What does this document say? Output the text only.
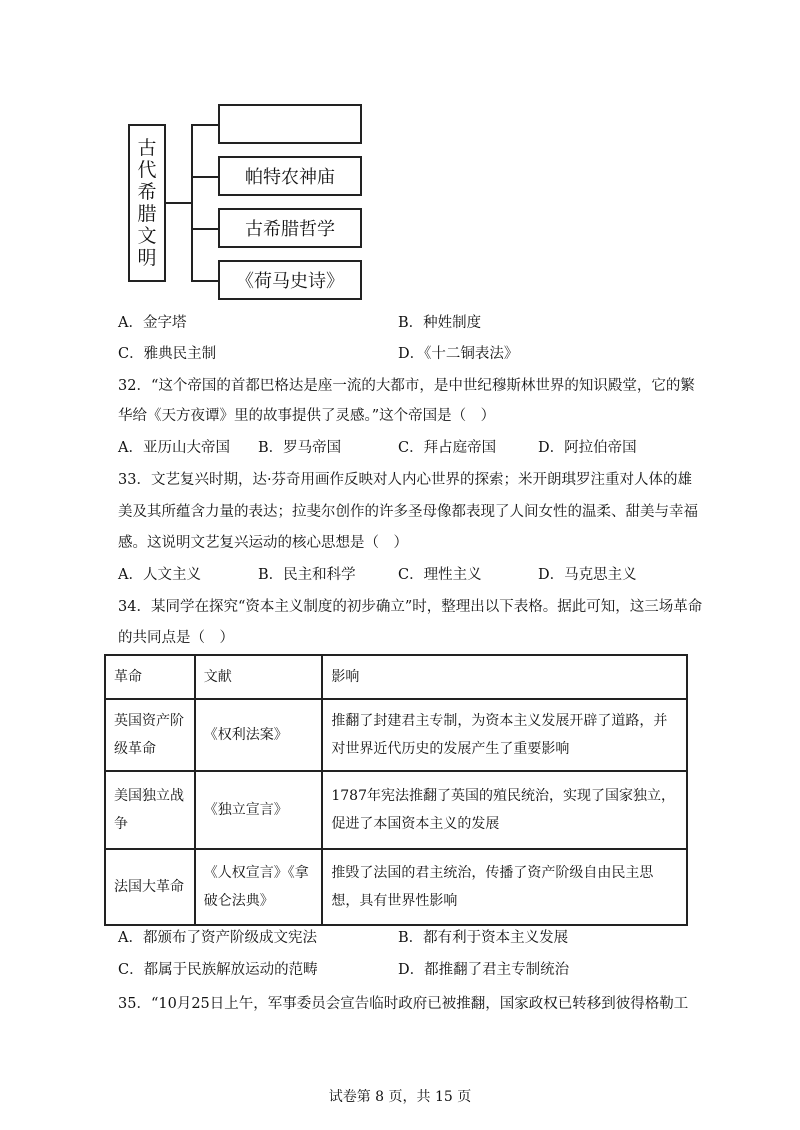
古
代
希
腊
文
明
帕特农神庙
古希腊哲学
《荷马史诗》
A．金字塔	B．种姓制度
C．雅典民主制	D．《十二铜表法》
32．“这个帝国的首都巴格达是座一流的大都市，是中世纪穆斯林世界的知识殿堂，它的繁
华给《天方夜谭》里的故事提供了灵感。”这个帝国是（　）
A．亚历山大帝国 B．罗马帝国	C．拜占庭帝国	D．阿拉伯帝国
33．文艺复兴时期，达·芬奇用画作反映对人内心世界的探索；米开朗琪罗注重对人体的雄
美及其所蕴含力量的表达；拉斐尔创作的许多圣母像都表现了人间女性的温柔、甜美与幸福
感。这说明文艺复兴运动的核心思想是（　）
A．人文主义	B．民主和科学	C．理性主义	D．马克思主义
34．某同学在探究“资本主义制度的初步确立”时，整理出以下表格。据此可知，这三场革命
的共同点是（　）
革命	文献	影响
英国资产阶级革命	《权利法案》	推翻了封建君主专制，为资本主义发展开辟了道路，并对世界近代历史的发展产生了重要影响
美国独立战争	《独立宣言》	1787年宪法推翻了英国的殖民统治，实现了国家独立，促进了本国资本主义的发展
法国大革命	《人权宣言》《拿破仑法典》	推毁了法国的君主统治，传播了资产阶级自由民主思想，具有世界性影响
A．都颁布了资产阶级成文宪法	B．都有利于资本主义发展
C．都属于民族解放运动的范畴	D．都推翻了君主专制统治
35．“10月25日上午，军事委员会宣告临时政府已被推翻，国家政权已转移到彼得格勒工
试卷第 8 页，共 15 页
